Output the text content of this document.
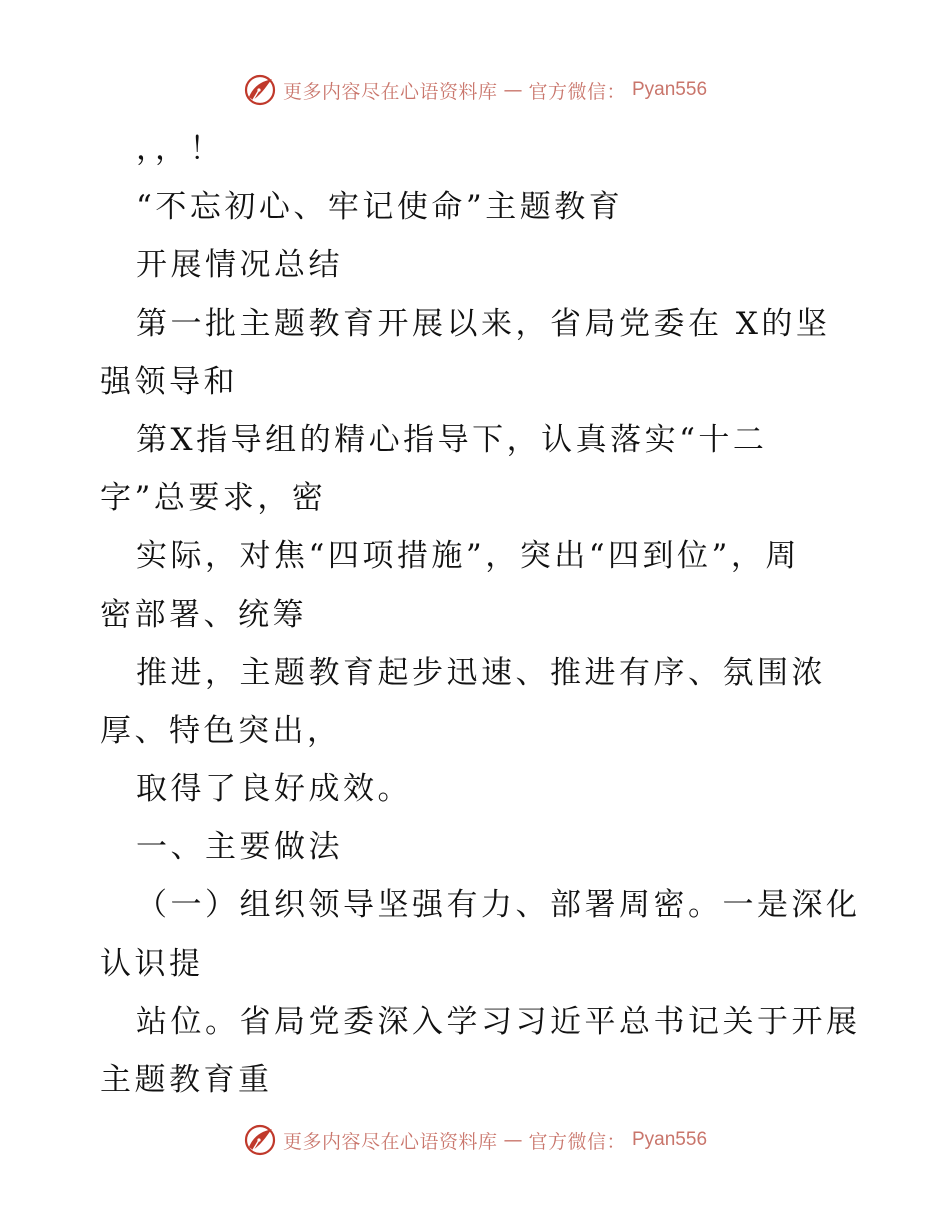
更多内容尽在心语资料库 — 官方微信： Pyan556
，，！
“不忘初心、牢记使命”主题教育
开展情况总结
第一批主题教育开展以来，省局党委在 X的坚
强领导和
第X指导组的精心指导下，认真落实“十二
字”总要求，密
实际，对焦“四项措施”，突出“四到位”，周
密部署、统筹
推进，主题教育起步迅速、推进有序、氛围浓
厚、特色突出，
取得了良好成效。
一、主要做法
（一）组织领导坚强有力、部署周密。一是深化
认识提
站位。省局党委深入学习习近平总书记关于开展
主题教育重
更多内容尽在心语资料库 — 官方微信： Pyan556
